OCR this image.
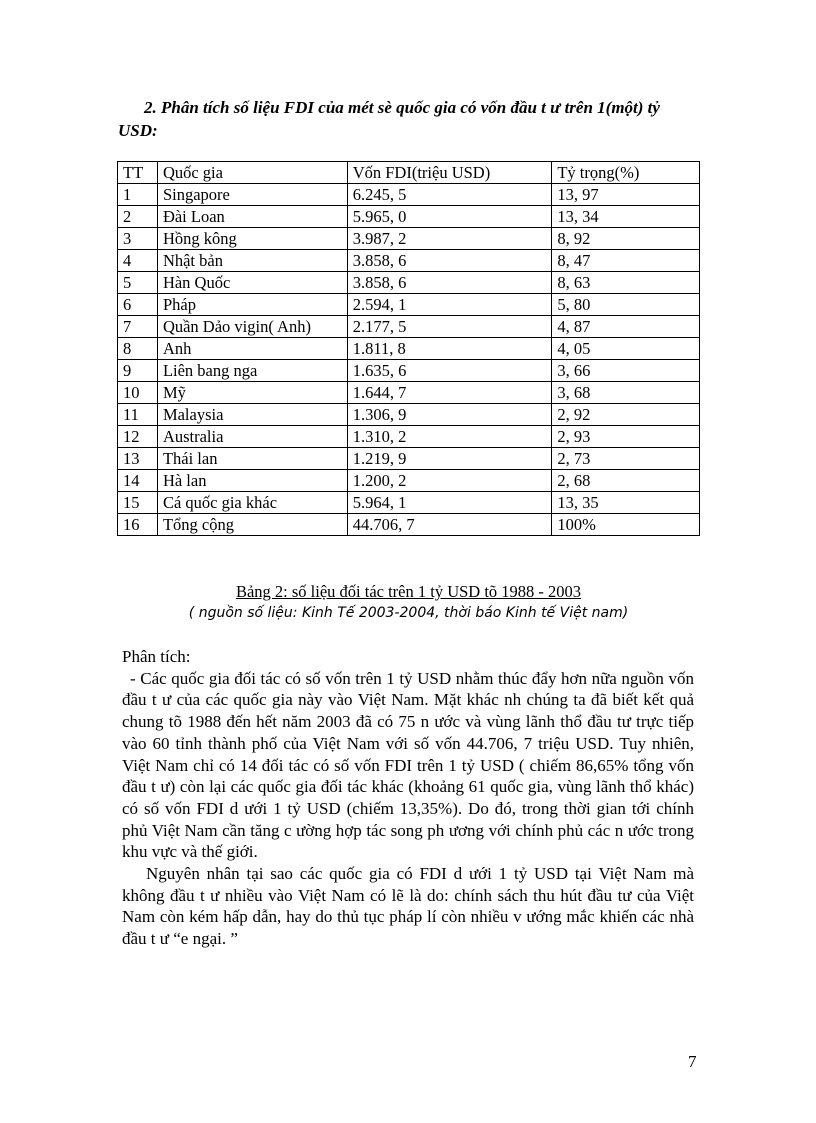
2. Phân tích số liệu FDI của mét sè quốc gia có vốn đầu t ư trên 1(một) tỷ USD:
TT	Quốc gia	Vốn FDI(triệu USD)	Tỷ trọng(%)
1	Singapore	6.245, 5	13, 97
2	Đài Loan	5.965, 0	13, 34
3	Hồng kông	3.987, 2	8, 92
4	Nhật bản	3.858, 6	8, 47
5	Hàn Quốc	3.858, 6	8, 63
6	Pháp	2.594, 1	5, 80
7	Quần Dảo vigin( Anh)	2.177, 5	4, 87
8	Anh	1.811, 8	4, 05
9	Liên bang nga	1.635, 6	3, 66
10	Mỹ	1.644, 7	3, 68
11	Malaysia	1.306, 9	2, 92
12	Australia	1.310, 2	2, 93
13	Thái lan	1.219, 9	2, 73
14	Hà lan	1.200, 2	2, 68
15	Cá quốc gia khác	5.964, 1	13, 35
16	Tổng cộng	44.706, 7	100%
Bảng 2: số liệu đối tác trên 1 tỷ USD tõ 1988 - 2003
( nguồn số liệu: Kinh Tế 2003-2004, thời báo Kinh tế Việt nam)

Phân tích:

- Các quốc gia đối tác có số vốn trên 1 tỷ USD nhằm thúc đẩy hơn nữa nguồn vốn đầu t ư của các quốc gia này vào Việt Nam. Mặt khác nh chúng ta đã biết kết quả chung tõ 1988 đến hết năm 2003 đã có 75 n ước và vùng lãnh thổ đầu tư trực tiếp vào 60 tỉnh thành phố của Việt Nam với số vốn 44.706, 7 triệu USD. Tuy nhiên, Việt Nam chỉ có 14 đối tác có số vốn FDI trên 1 tỷ USD ( chiếm 86,65% tổng vốn đầu t ư) còn lại các quốc gia đối tác khác (khoảng 61 quốc gia, vùng lãnh thổ khác) có số vốn FDI d ưới 1 tỷ USD (chiếm 13,35%). Do đó, trong thời gian tới chính phủ Việt Nam cần tăng c ường hợp tác song ph ương với chính phủ các n ước trong khu vực và thế giới.

Nguyên nhân tại sao các quốc gia có FDI d ưới 1 tỷ USD tại Việt Nam mà không đầu t ư nhiều vào Việt Nam có lẽ là do: chính sách thu hút đầu tư của Việt Nam còn kém hấp dẫn, hay do thủ tục pháp lí còn nhiều v ướng mắc khiến các nhà đầu t ư “e ngại. ”

7
